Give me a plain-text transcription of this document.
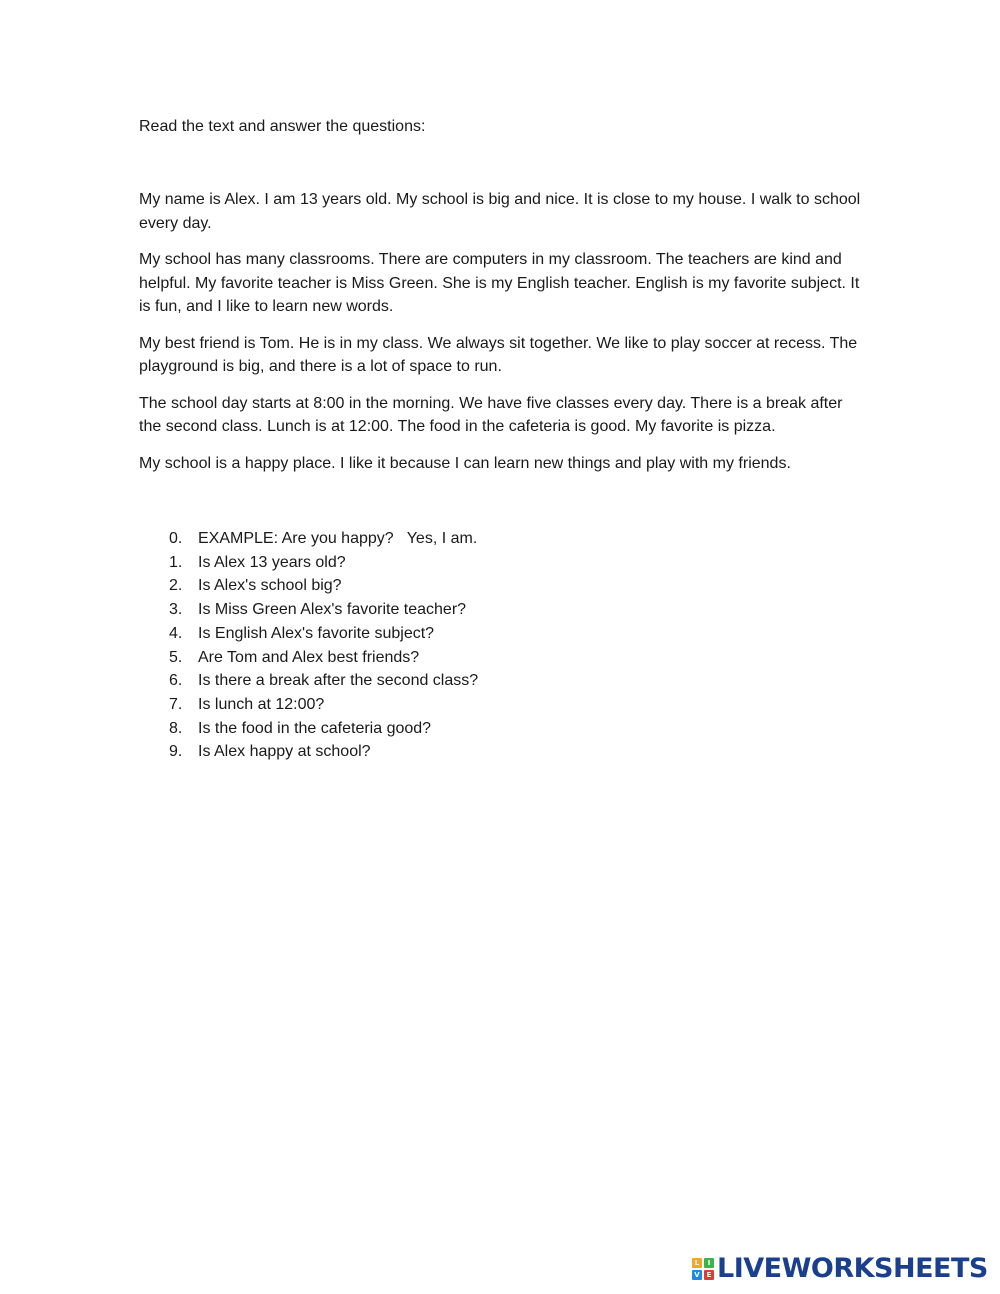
Read the text and answer the questions:

My name is Alex. I am 13 years old. My school is big and nice. It is close to my house. I walk to school every day.

My school has many classrooms. There are computers in my classroom. The teachers are kind and helpful. My favorite teacher is Miss Green. She is my English teacher. English is my favorite subject. It is fun, and I like to learn new words.

My best friend is Tom. He is in my class. We always sit together. We like to play soccer at recess. The playground is big, and there is a lot of space to run.

The school day starts at 8:00 in the morning. We have five classes every day. There is a break after the second class. Lunch is at 12:00. The food in the cafeteria is good. My favorite is pizza.

My school is a happy place. I like it because I can learn new things and play with my friends.

0. EXAMPLE: Are you happy?   Yes, I am.
1. Is Alex 13 years old?
2. Is Alex's school big?
3. Is Miss Green Alex's favorite teacher?
4. Is English Alex's favorite subject?
5. Are Tom and Alex best friends?
6. Is there a break after the second class?
7. Is lunch at 12:00?
8. Is the food in the cafeteria good?
9. Is Alex happy at school?
L	I
V E LIVEWORKSHEETS
